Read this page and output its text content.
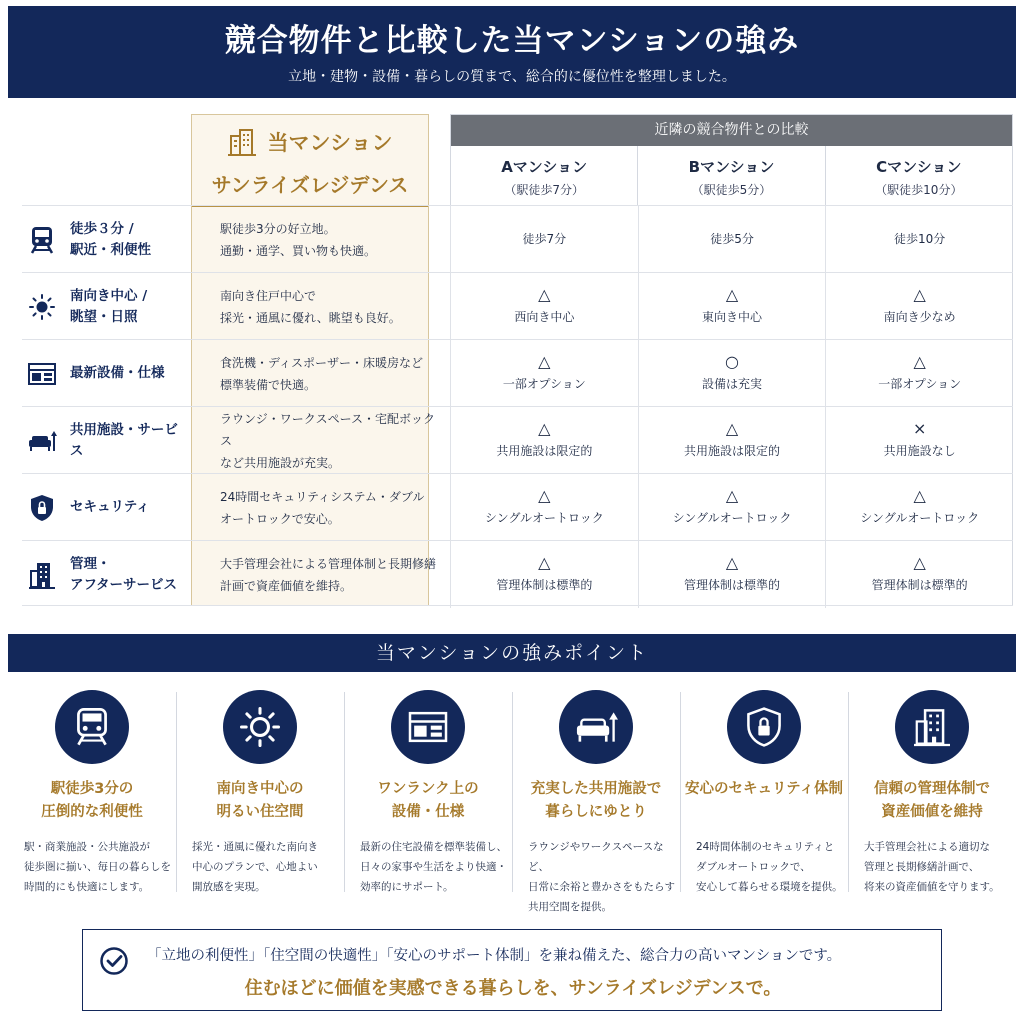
競合物件と比較した当マンションの強み

立地・建物・設備・暮らしの質まで、総合的に優位性を整理しました。

当マンション
サンライズレジデンス
近隣の競合物件との比較
Aマンション
（駅徒歩7分）
Bマンション
（駅徒歩5分）
Cマンション
（駅徒歩10分）
徒歩３分 /
駅近・利便性
駅徒歩3分の好立地。
通勤・通学、買い物も快適。
徒歩7分	徒歩5分	徒歩10分
南向き中心 /
眺望・日照
南向き住戸中心で
採光・通風に優れ、眺望も良好。
△
西向き中心
△
東向き中心
△
南向き少なめ
最新設備・仕様
食洗機・ディスポーザー・床暖房など
標準装備で快適。
△
一部オプション
○
設備は充実
△
一部オプション
共用施設・サービス
ラウンジ・ワークスペース・宅配ボックス
など共用施設が充実。
△
共用施設は限定的
△
共用施設は限定的
×
共用施設なし
セキュリティ
24時間セキュリティシステム・ダブル
オートロックで安心。
△
シングルオートロック
△
シングルオートロック
△
シングルオートロック
管理・
アフターサービス
大手管理会社による管理体制と長期修繕
計画で資産価値を維持。
△
管理体制は標準的
△
管理体制は標準的
△
管理体制は標準的
当マンションの強みポイント
駅徒歩3分の
圧倒的な利便性
駅・商業施設・公共施設が
徒歩圏に揃い、毎日の暮らしを
時間的にも快適にします。
南向き中心の
明るい住空間
採光・通風に優れた南向き
中心のプランで、心地よい
開放感を実現。
ワンランク上の
設備・仕様
最新の住宅設備を標準装備し、
日々の家事や生活をより快適・
効率的にサポート。
充実した共用施設で
暮らしにゆとり
ラウンジやワークスペースなど、
日常に余裕と豊かさをもたらす
共用空間を提供。
安心のセキュリティ体制
24時間体制のセキュリティと
ダブルオートロックで、
安心して暮らせる環境を提供。
信頼の管理体制で
資産価値を維持
大手管理会社による適切な
管理と長期修繕計画で、
将来の資産価値を守ります。
「立地の利便性」「住空間の快適性」「安心のサポート体制」を兼ね備えた、総合力の高いマンションです。
住むほどに価値を実感できる暮らしを、サンライズレジデンスで。
